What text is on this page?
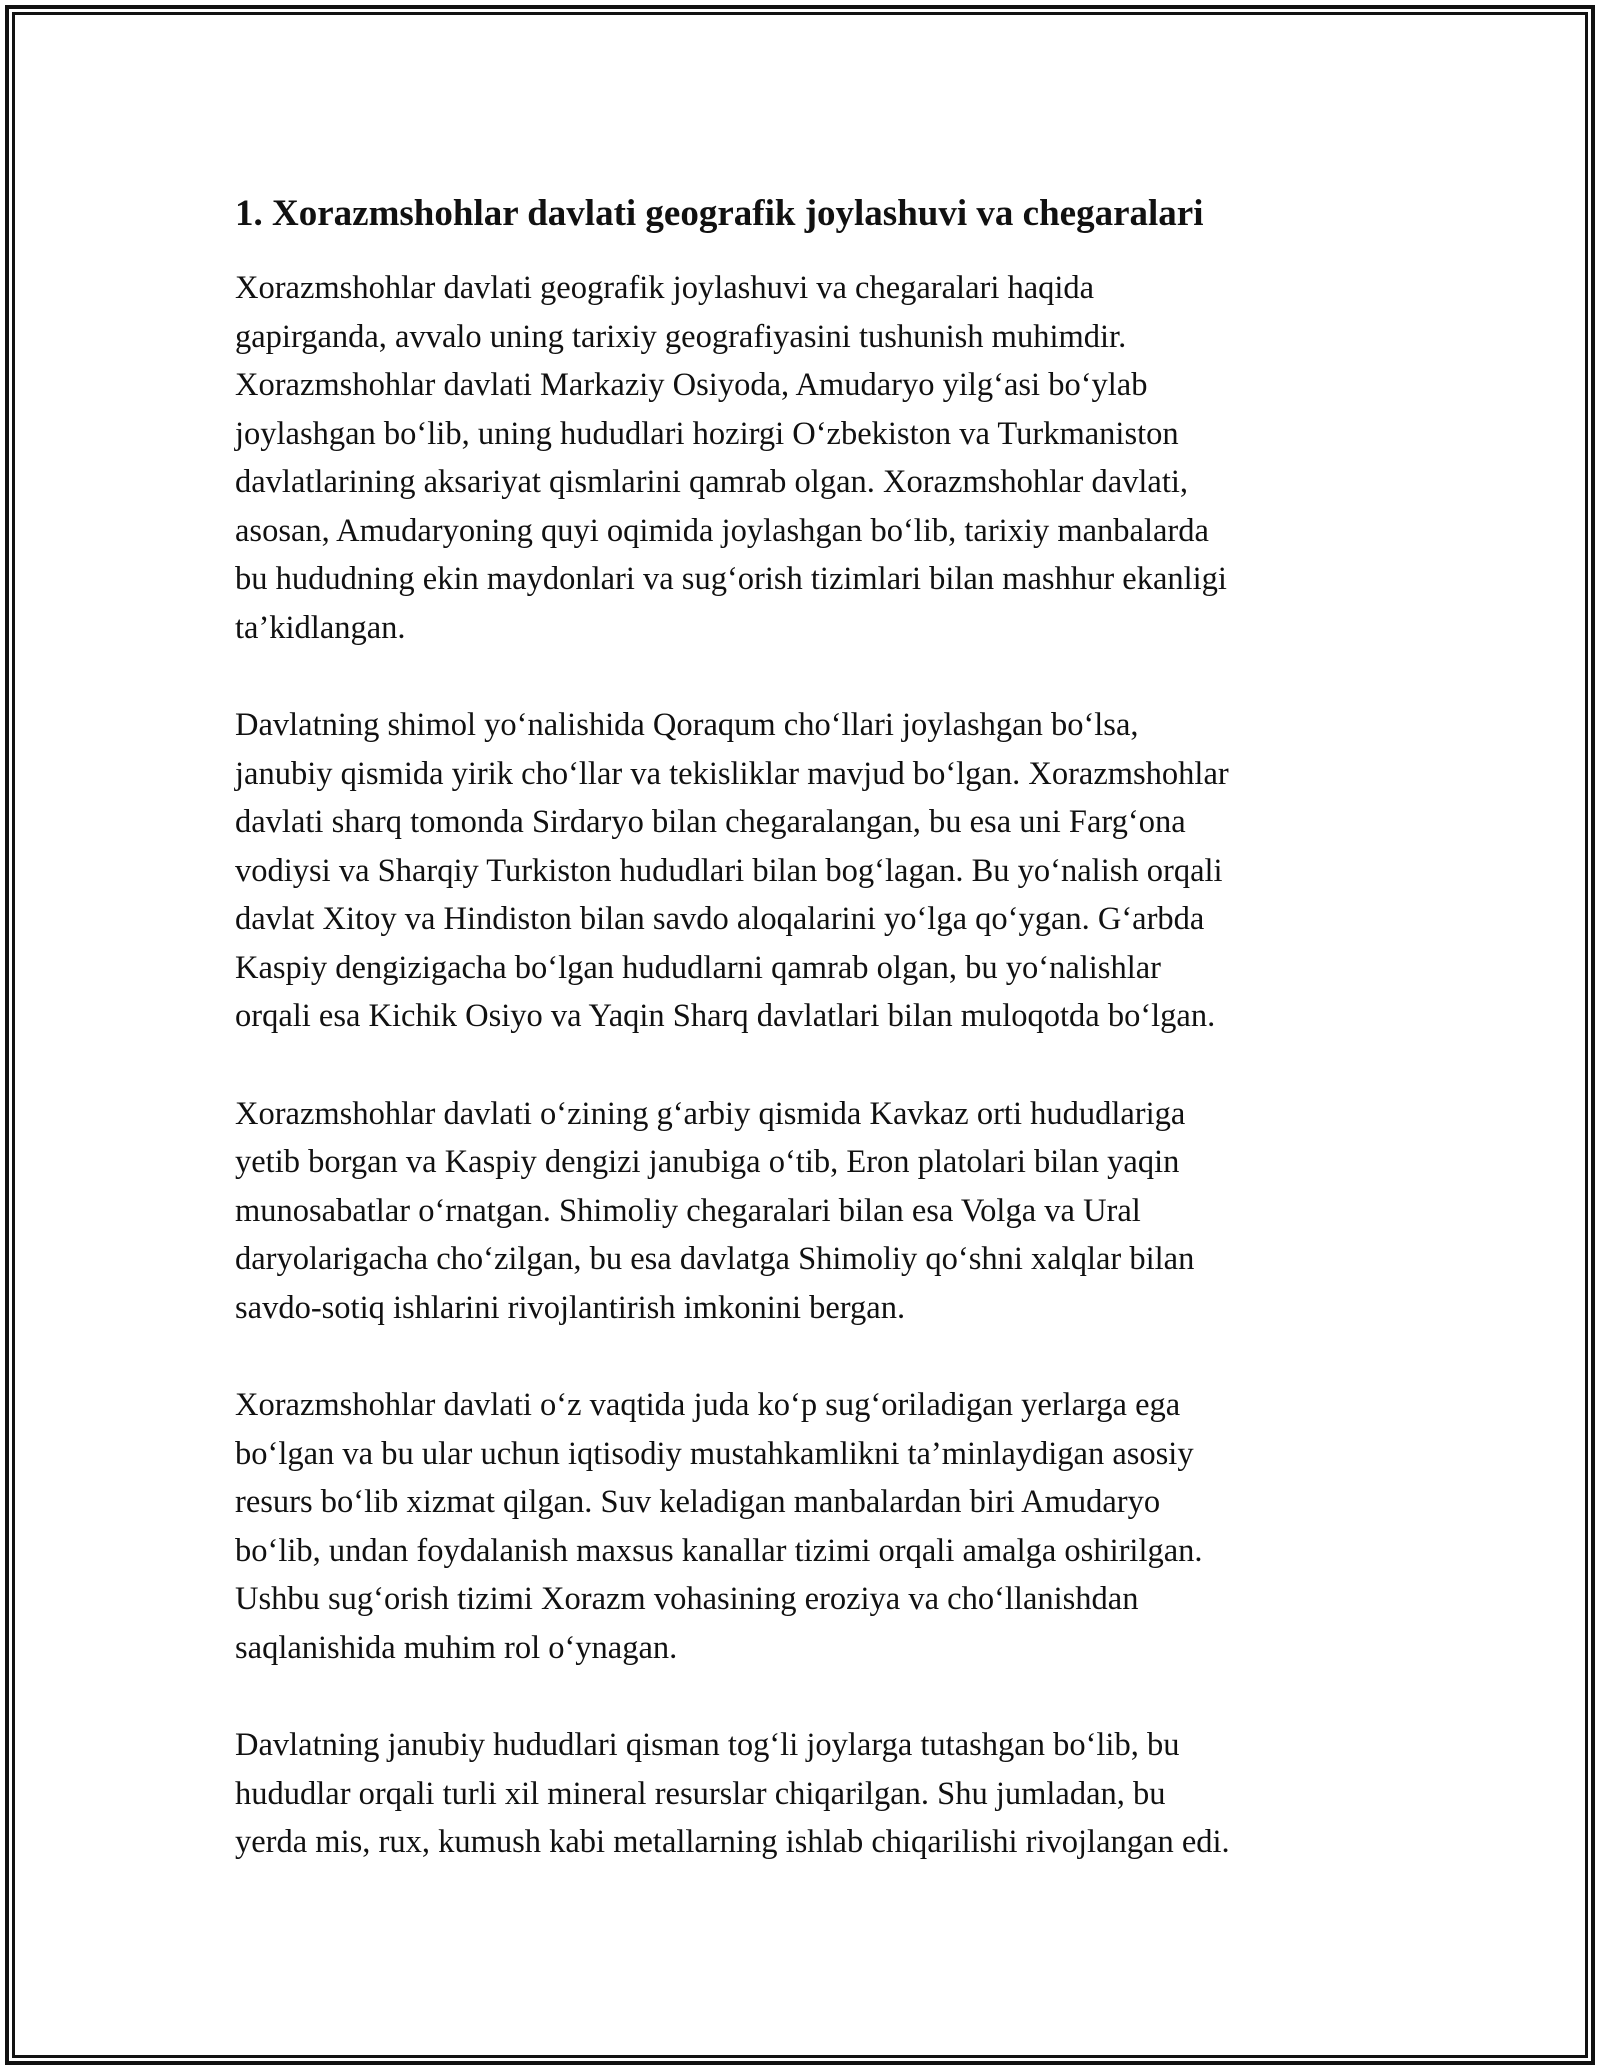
1. Xorazmshohlar davlati geografik joylashuvi va chegaralari

Xorazmshohlar davlati geografik joylashuvi va chegaralari haqida
gapirganda, avvalo uning tarixiy geografiyasini tushunish muhimdir.
Xorazmshohlar davlati Markaziy Osiyoda, Amudaryo yilgʻasi boʻylab
joylashgan boʻlib, uning hududlari hozirgi Oʻzbekiston va Turkmaniston
davlatlarining aksariyat qismlarini qamrab olgan. Xorazmshohlar davlati,
asosan, Amudaryoning quyi oqimida joylashgan boʻlib, tarixiy manbalarda
bu hududning ekin maydonlari va sugʻorish tizimlari bilan mashhur ekanligi
ta’kidlangan.

Davlatning shimol yoʻnalishida Qoraqum choʻllari joylashgan boʻlsa,
janubiy qismida yirik choʻllar va tekisliklar mavjud boʻlgan. Xorazmshohlar
davlati sharq tomonda Sirdaryo bilan chegaralangan, bu esa uni Fargʻona
vodiysi va Sharqiy Turkiston hududlari bilan bogʻlagan. Bu yoʻnalish orqali
davlat Xitoy va Hindiston bilan savdo aloqalarini yoʻlga qoʻygan. Gʻarbda
Kaspiy dengizigacha boʻlgan hududlarni qamrab olgan, bu yoʻnalishlar
orqali esa Kichik Osiyo va Yaqin Sharq davlatlari bilan muloqotda boʻlgan.

Xorazmshohlar davlati oʻzining gʻarbiy qismida Kavkaz orti hududlariga
yetib borgan va Kaspiy dengizi janubiga oʻtib, Eron platolari bilan yaqin
munosabatlar oʻrnatgan. Shimoliy chegaralari bilan esa Volga va Ural
daryolarigacha choʻzilgan, bu esa davlatga Shimoliy qoʻshni xalqlar bilan
savdo-sotiq ishlarini rivojlantirish imkonini bergan.

Xorazmshohlar davlati oʻz vaqtida juda koʻp sugʻoriladigan yerlarga ega
boʻlgan va bu ular uchun iqtisodiy mustahkamlikni ta’minlaydigan asosiy
resurs boʻlib xizmat qilgan. Suv keladigan manbalardan biri Amudaryo
boʻlib, undan foydalanish maxsus kanallar tizimi orqali amalga oshirilgan.
Ushbu sugʻorish tizimi Xorazm vohasining eroziya va choʻllanishdan
saqlanishida muhim rol oʻynagan.

Davlatning janubiy hududlari qisman togʻli joylarga tutashgan boʻlib, bu
hududlar orqali turli xil mineral resurslar chiqarilgan. Shu jumladan, bu
yerda mis, rux, kumush kabi metallarning ishlab chiqarilishi rivojlangan edi.
